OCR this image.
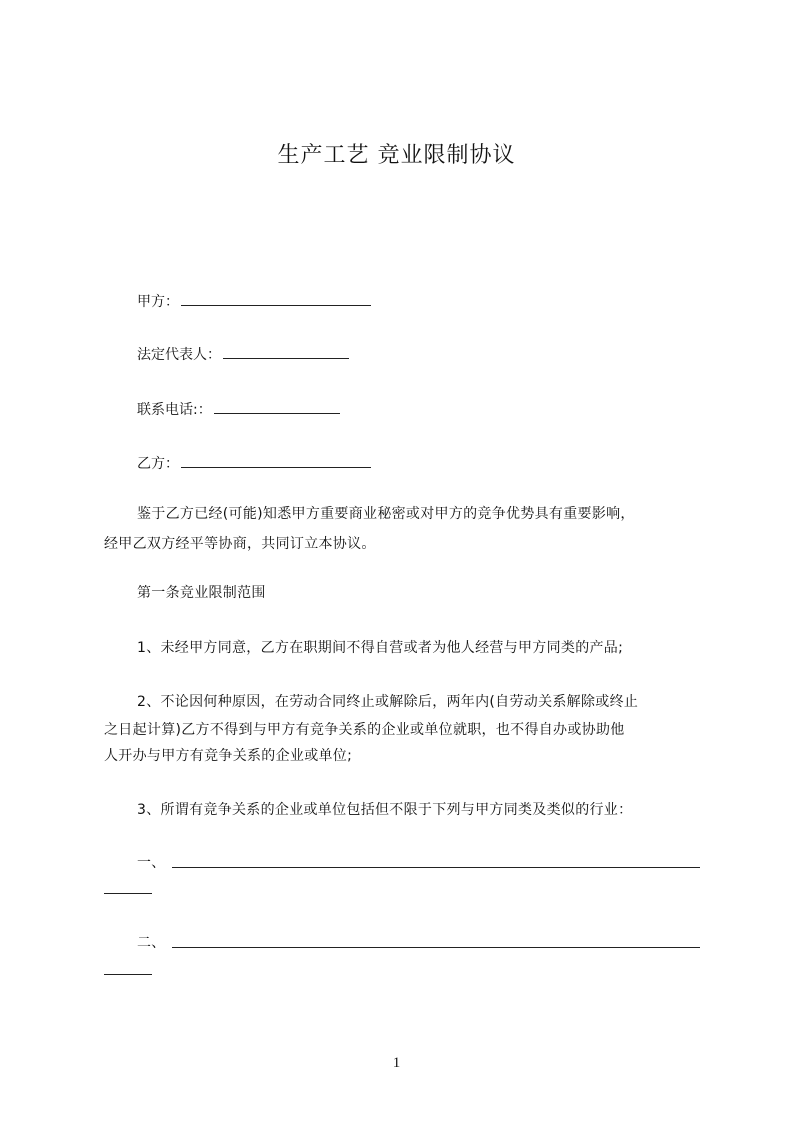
生产工艺 竞业限制协议
甲方：
法定代表人：
联系电话:：
乙方：
鉴于乙方已经(可能)知悉甲方重要商业秘密或对甲方的竞争优势具有重要影响，
经甲乙双方经平等协商，共同订立本协议。
第一条竞业限制范围
1、未经甲方同意，乙方在职期间不得自营或者为他人经营与甲方同类的产品;
2、不论因何种原因，在劳动合同终止或解除后，两年内(自劳动关系解除或终止
之日起计算)乙方不得到与甲方有竞争关系的企业或单位就职，也不得自办或协助他
人开办与甲方有竞争关系的企业或单位;
3、所谓有竞争关系的企业或单位包括但不限于下列与甲方同类及类似的行业：
一、
二、
1
